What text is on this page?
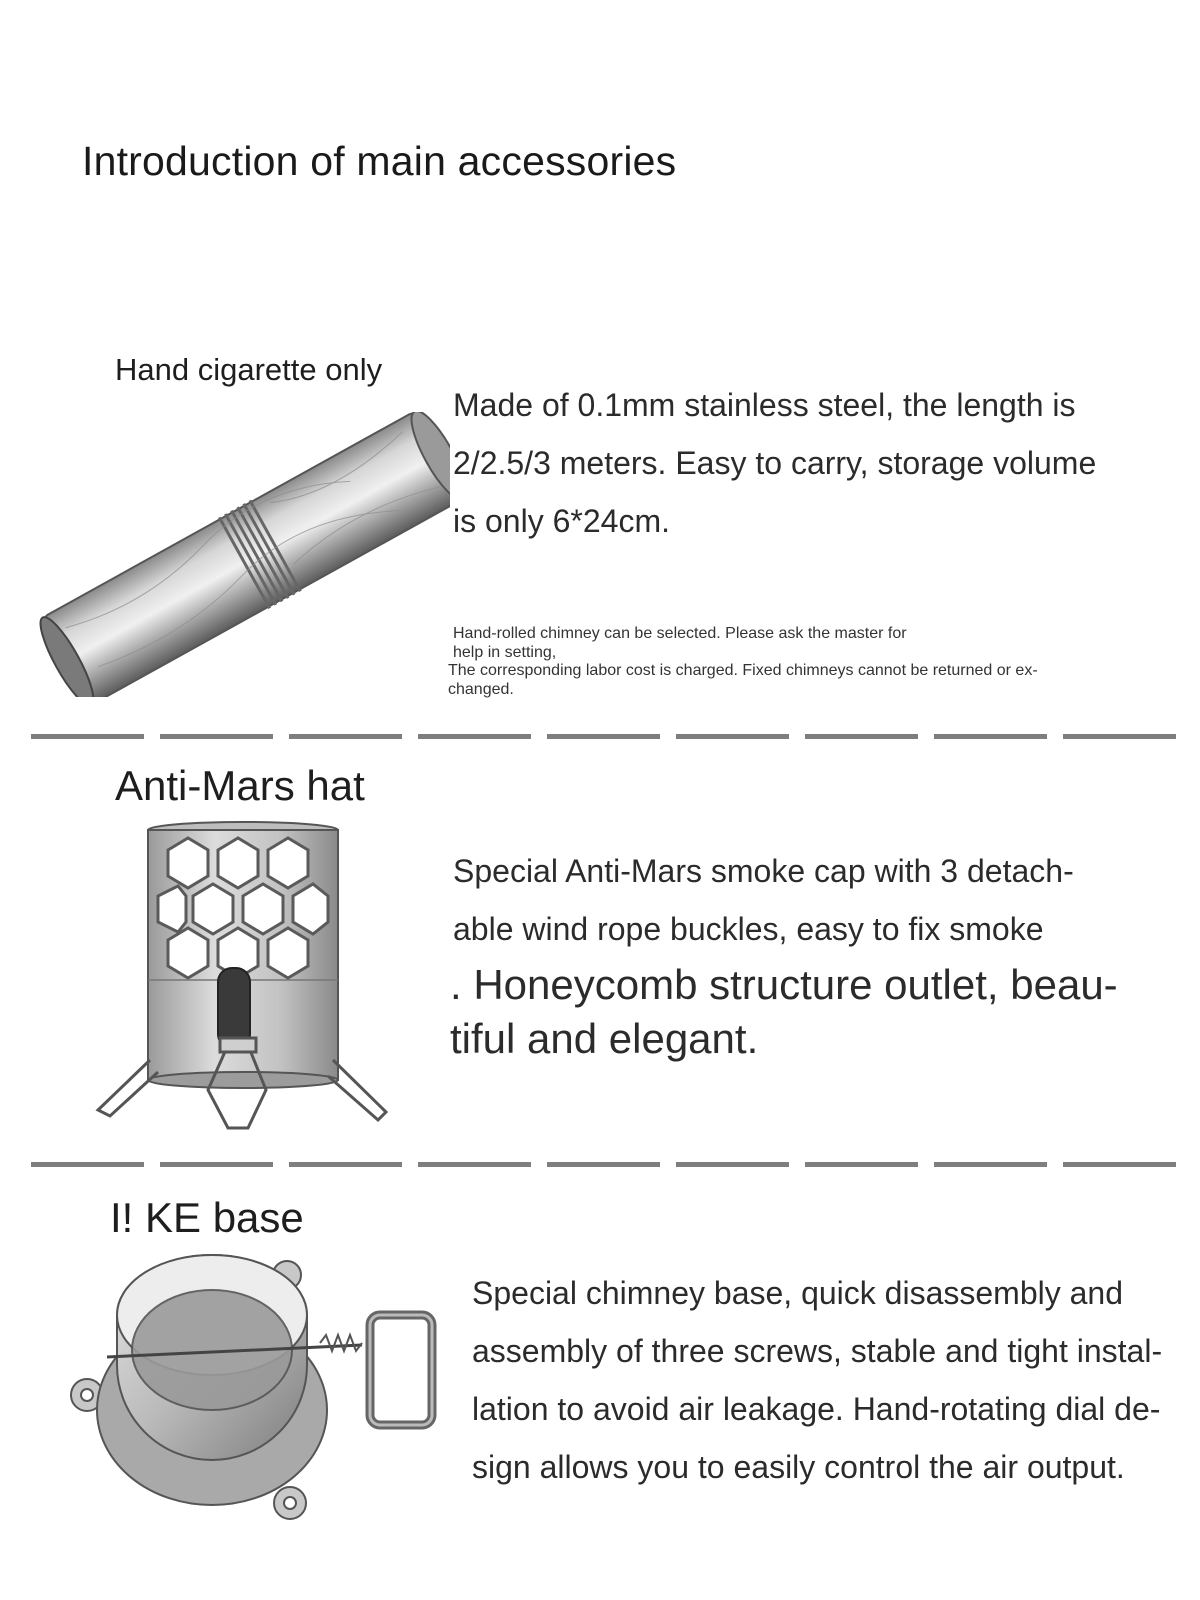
Introduction of main accessories
Hand cigarette only
Made of 0.1mm stainless steel, the length is
2/2.5/3 meters. Easy to carry, storage volume
is only 6*24cm.
Hand-rolled chimney can be selected. Please ask the master for
help in setting,
The corresponding labor cost is charged. Fixed chimneys cannot be returned or ex-
changed.
Anti-Mars hat
Special Anti-Mars smoke cap with 3 detach-
able wind rope buckles, easy to fix smoke
. Honeycomb structure outlet, beau-
tiful and elegant.
I! KE base
Special chimney base, quick disassembly and
assembly of three screws, stable and tight instal-
lation to avoid air leakage. Hand-rotating dial de-
sign allows you to easily control the air output.
